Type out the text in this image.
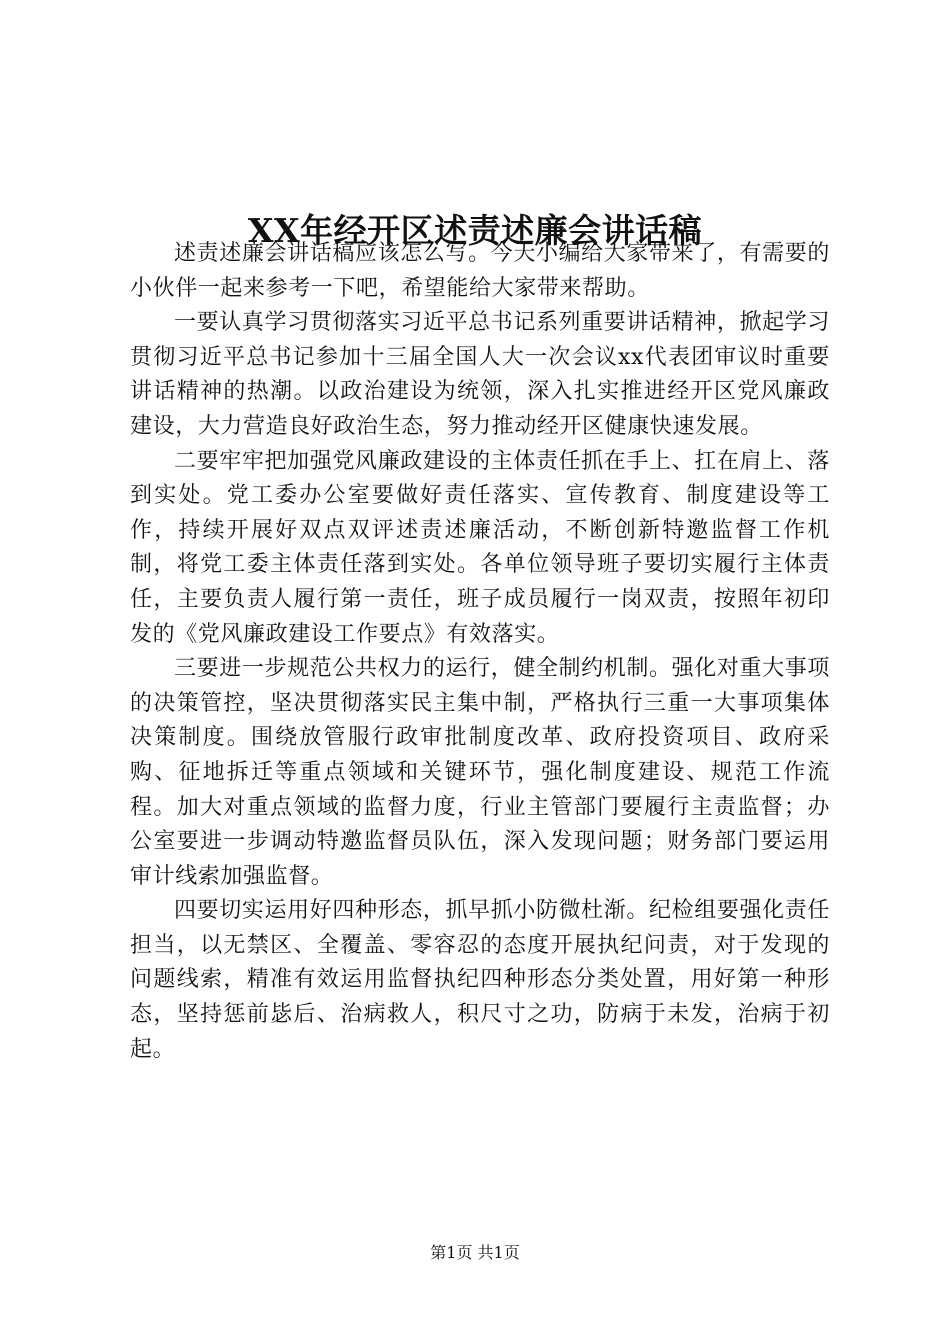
XX年经开区述责述廉会讲话稿

述责述廉会讲话稿应该怎么写。今天小编给大家带来了，有需要的小伙伴一起来参考一下吧，希望能给大家带来帮助。

一要认真学习贯彻落实习近平总书记系列重要讲话精神，掀起学习贯彻习近平总书记参加十三届全国人大一次会议xx代表团审议时重要讲话精神的热潮。以政治建设为统领，深入扎实推进经开区党风廉政建设，大力营造良好政治生态，努力推动经开区健康快速发展。

二要牢牢把加强党风廉政建设的主体责任抓在手上、扛在肩上、落到实处。党工委办公室要做好责任落实、宣传教育、制度建设等工作，持续开展好双点双评述责述廉活动，不断创新特邀监督工作机制，将党工委主体责任落到实处。各单位领导班子要切实履行主体责任，主要负责人履行第一责任，班子成员履行一岗双责，按照年初印发的《党风廉政建设工作要点》有效落实。

三要进一步规范公共权力的运行，健全制约机制。强化对重大事项的决策管控，坚决贯彻落实民主集中制，严格执行三重一大事项集体决策制度。围绕放管服行政审批制度改革、政府投资项目、政府采购、征地拆迁等重点领域和关键环节，强化制度建设、规范工作流程。加大对重点领域的监督力度，行业主管部门要履行主责监督；办公室要进一步调动特邀监督员队伍，深入发现问题；财务部门要运用审计线索加强监督。

四要切实运用好四种形态，抓早抓小防微杜渐。纪检组要强化责任担当，以无禁区、全覆盖、零容忍的态度开展执纪问责，对于发现的问题线索，精准有效运用监督执纪四种形态分类处置，用好第一种形态，坚持惩前毖后、治病救人，积尺寸之功，防病于未发，治病于初起。

第1页 共1页
